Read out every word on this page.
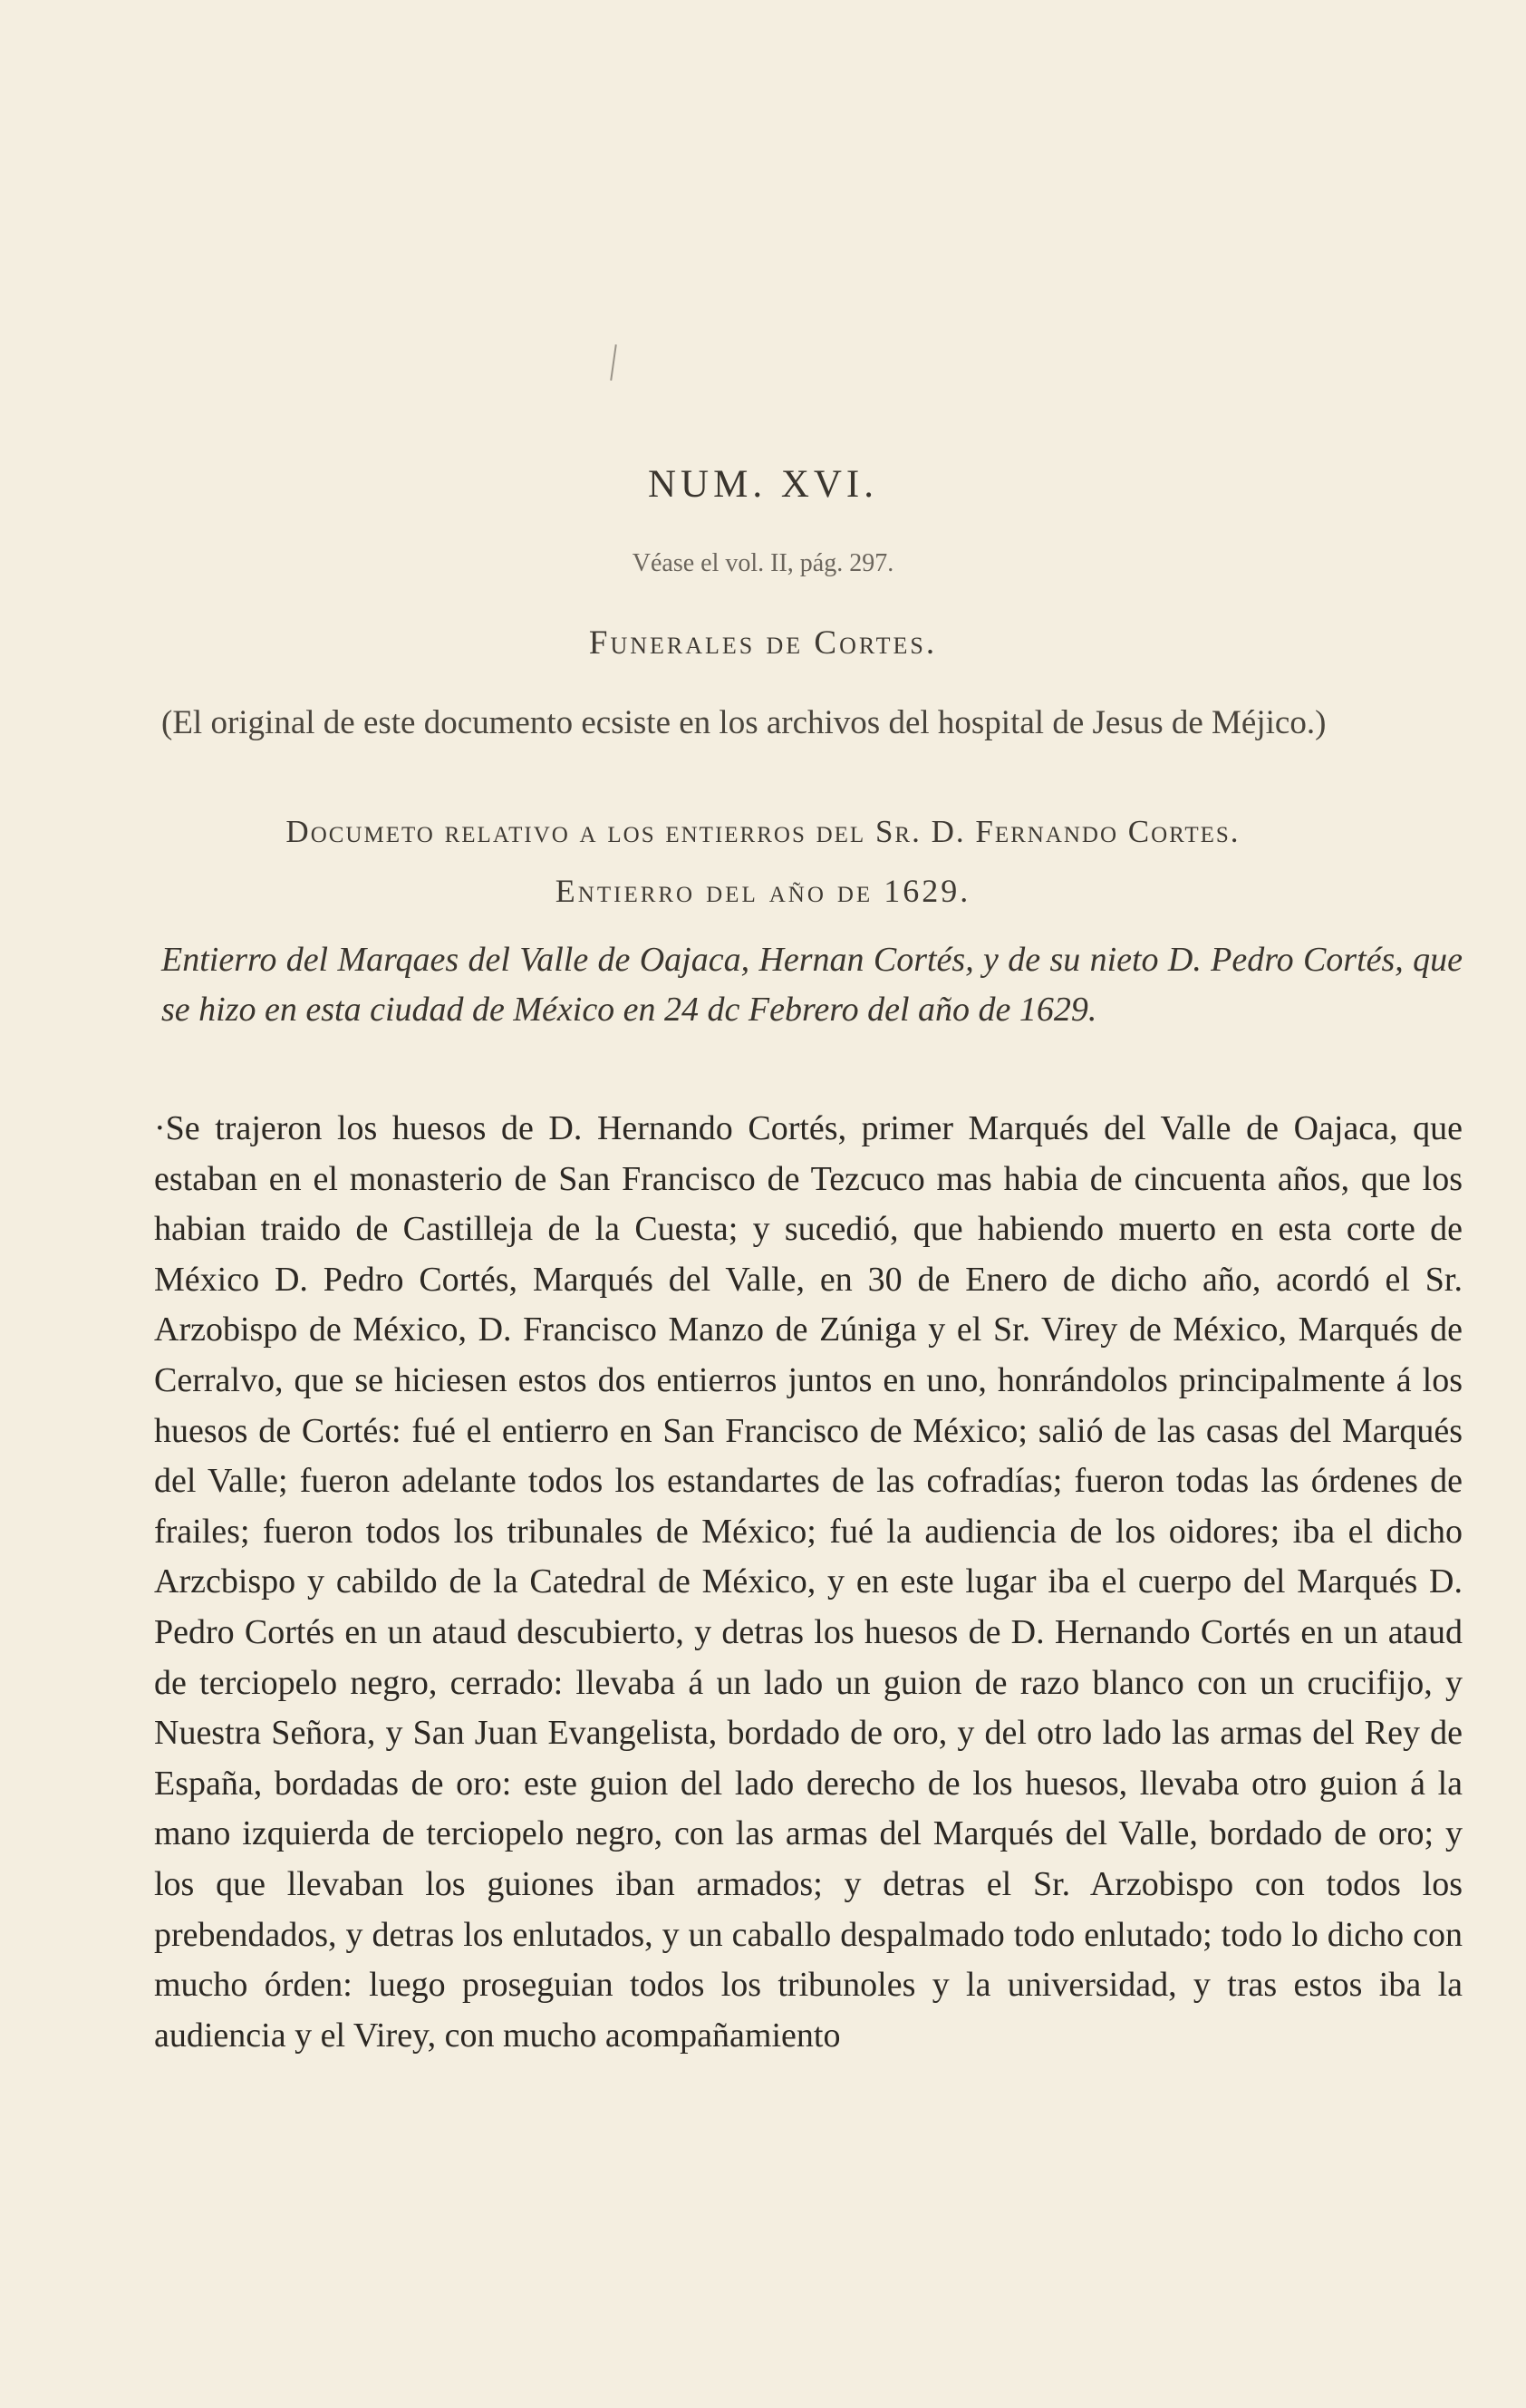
NUM. XVI.
Véase el vol. II, pág. 297.
Funerales de Cortes.
(El original de este documento ecsiste en los archivos del hospital de Jesus de Méjico.)
Documeto relativo a los entierros del Sr. D. Fernando Cortes.
Entierro del año de 1629.
Entierro del Marqaes del Valle de Oajaca, Hernan Cortés, y de su nieto D. Pedro Cortés, que se hizo en esta ciudad de México en 24 dc Febrero del año de 1629.
·Se trajeron los huesos de D. Hernando Cortés, primer Marqués del Valle de Oajaca, que estaban en el monasterio de San Francisco de Tezcuco mas habia de cincuenta años, que los habian traido de Castilleja de la Cuesta; y sucedió, que habiendo muerto en esta corte de México D. Pedro Cortés, Marqués del Valle, en 30 de Enero de dicho año, acordó el Sr. Arzobispo de México, D. Francisco Manzo de Zúniga y el Sr. Virey de México, Marqués de Cerralvo, que se hiciesen estos dos entierros juntos en uno, honrándolos principalmente á los huesos de Cortés: fué el entierro en San Francisco de México; salió de las casas del Marqués del Valle; fueron adelante todos los estandartes de las cofradías; fueron todas las órdenes de frailes; fueron todos los tribunales de México; fué la audiencia de los oidores; iba el dicho Arzcbispo y cabildo de la Catedral de México, y en este lugar iba el cuerpo del Marqués D. Pedro Cortés en un ataud descubierto, y detras los huesos de D. Hernando Cortés en un ataud de terciopelo negro, cerrado: llevaba á un lado un guion de razo blanco con un crucifijo, y Nuestra Señora, y San Juan Evangelista, bordado de oro, y del otro lado las armas del Rey de España, bordadas de oro: este guion del lado derecho de los huesos, llevaba otro guion á la mano izquierda de terciopelo negro, con las armas del Marqués del Valle, bordado de oro; y los que llevaban los guiones iban armados; y detras el Sr. Arzobispo con todos los prebendados, y detras los enlutados, y un caballo despalmado todo enlutado; todo lo dicho con mucho órden: luego proseguian todos los tribunoles y la universidad, y tras estos iba la audiencia y el Virey, con mucho acompañamiento
